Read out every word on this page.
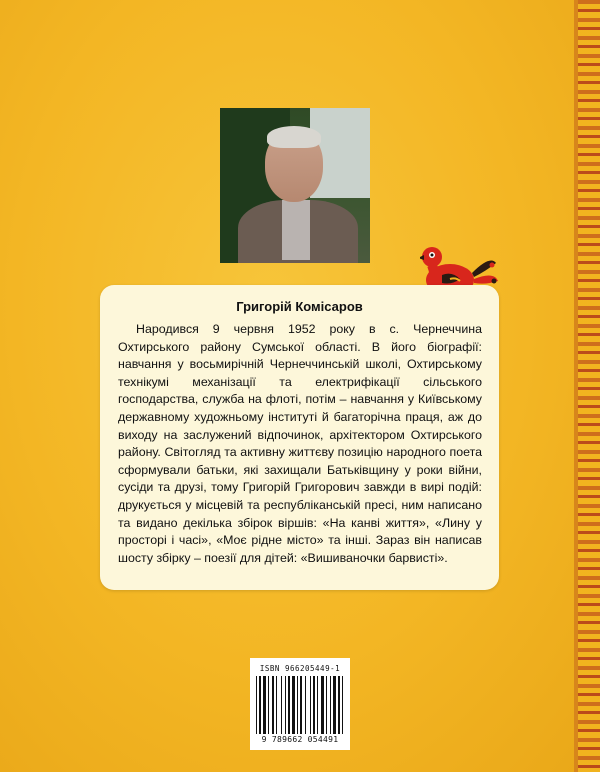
Григорій Комісаров
Народився 9 червня 1952 року в с. Чернеччина Охтирського району Сумської області. В його біографії: навчання у восьмирічній Чернеччинській школі, Охтирському технікумі механізації та електрифікації сільського господарства, служба на флоті, потім – навчання у Київському державному художньому інституті й багаторічна праця, аж до виходу на заслужений відпочинок, архітектором Охтирського району. Світогляд та активну життєву позицію народного поета сформували батьки, які захищали Батьківщину у роки війни, сусіди та друзі, тому Григорій Григорович завжди в вирі подій: друкується у місцевій та республіканській пресі, ним написано та видано декілька збірок віршів: «На канві життя», «Лину у просторі і часі», «Моє рідне місто» та інші. Зараз він написав шосту збірку – поезії для дітей: «Вишиваночки барвисті».
ISBN 966205449-1
9 789662 054491
